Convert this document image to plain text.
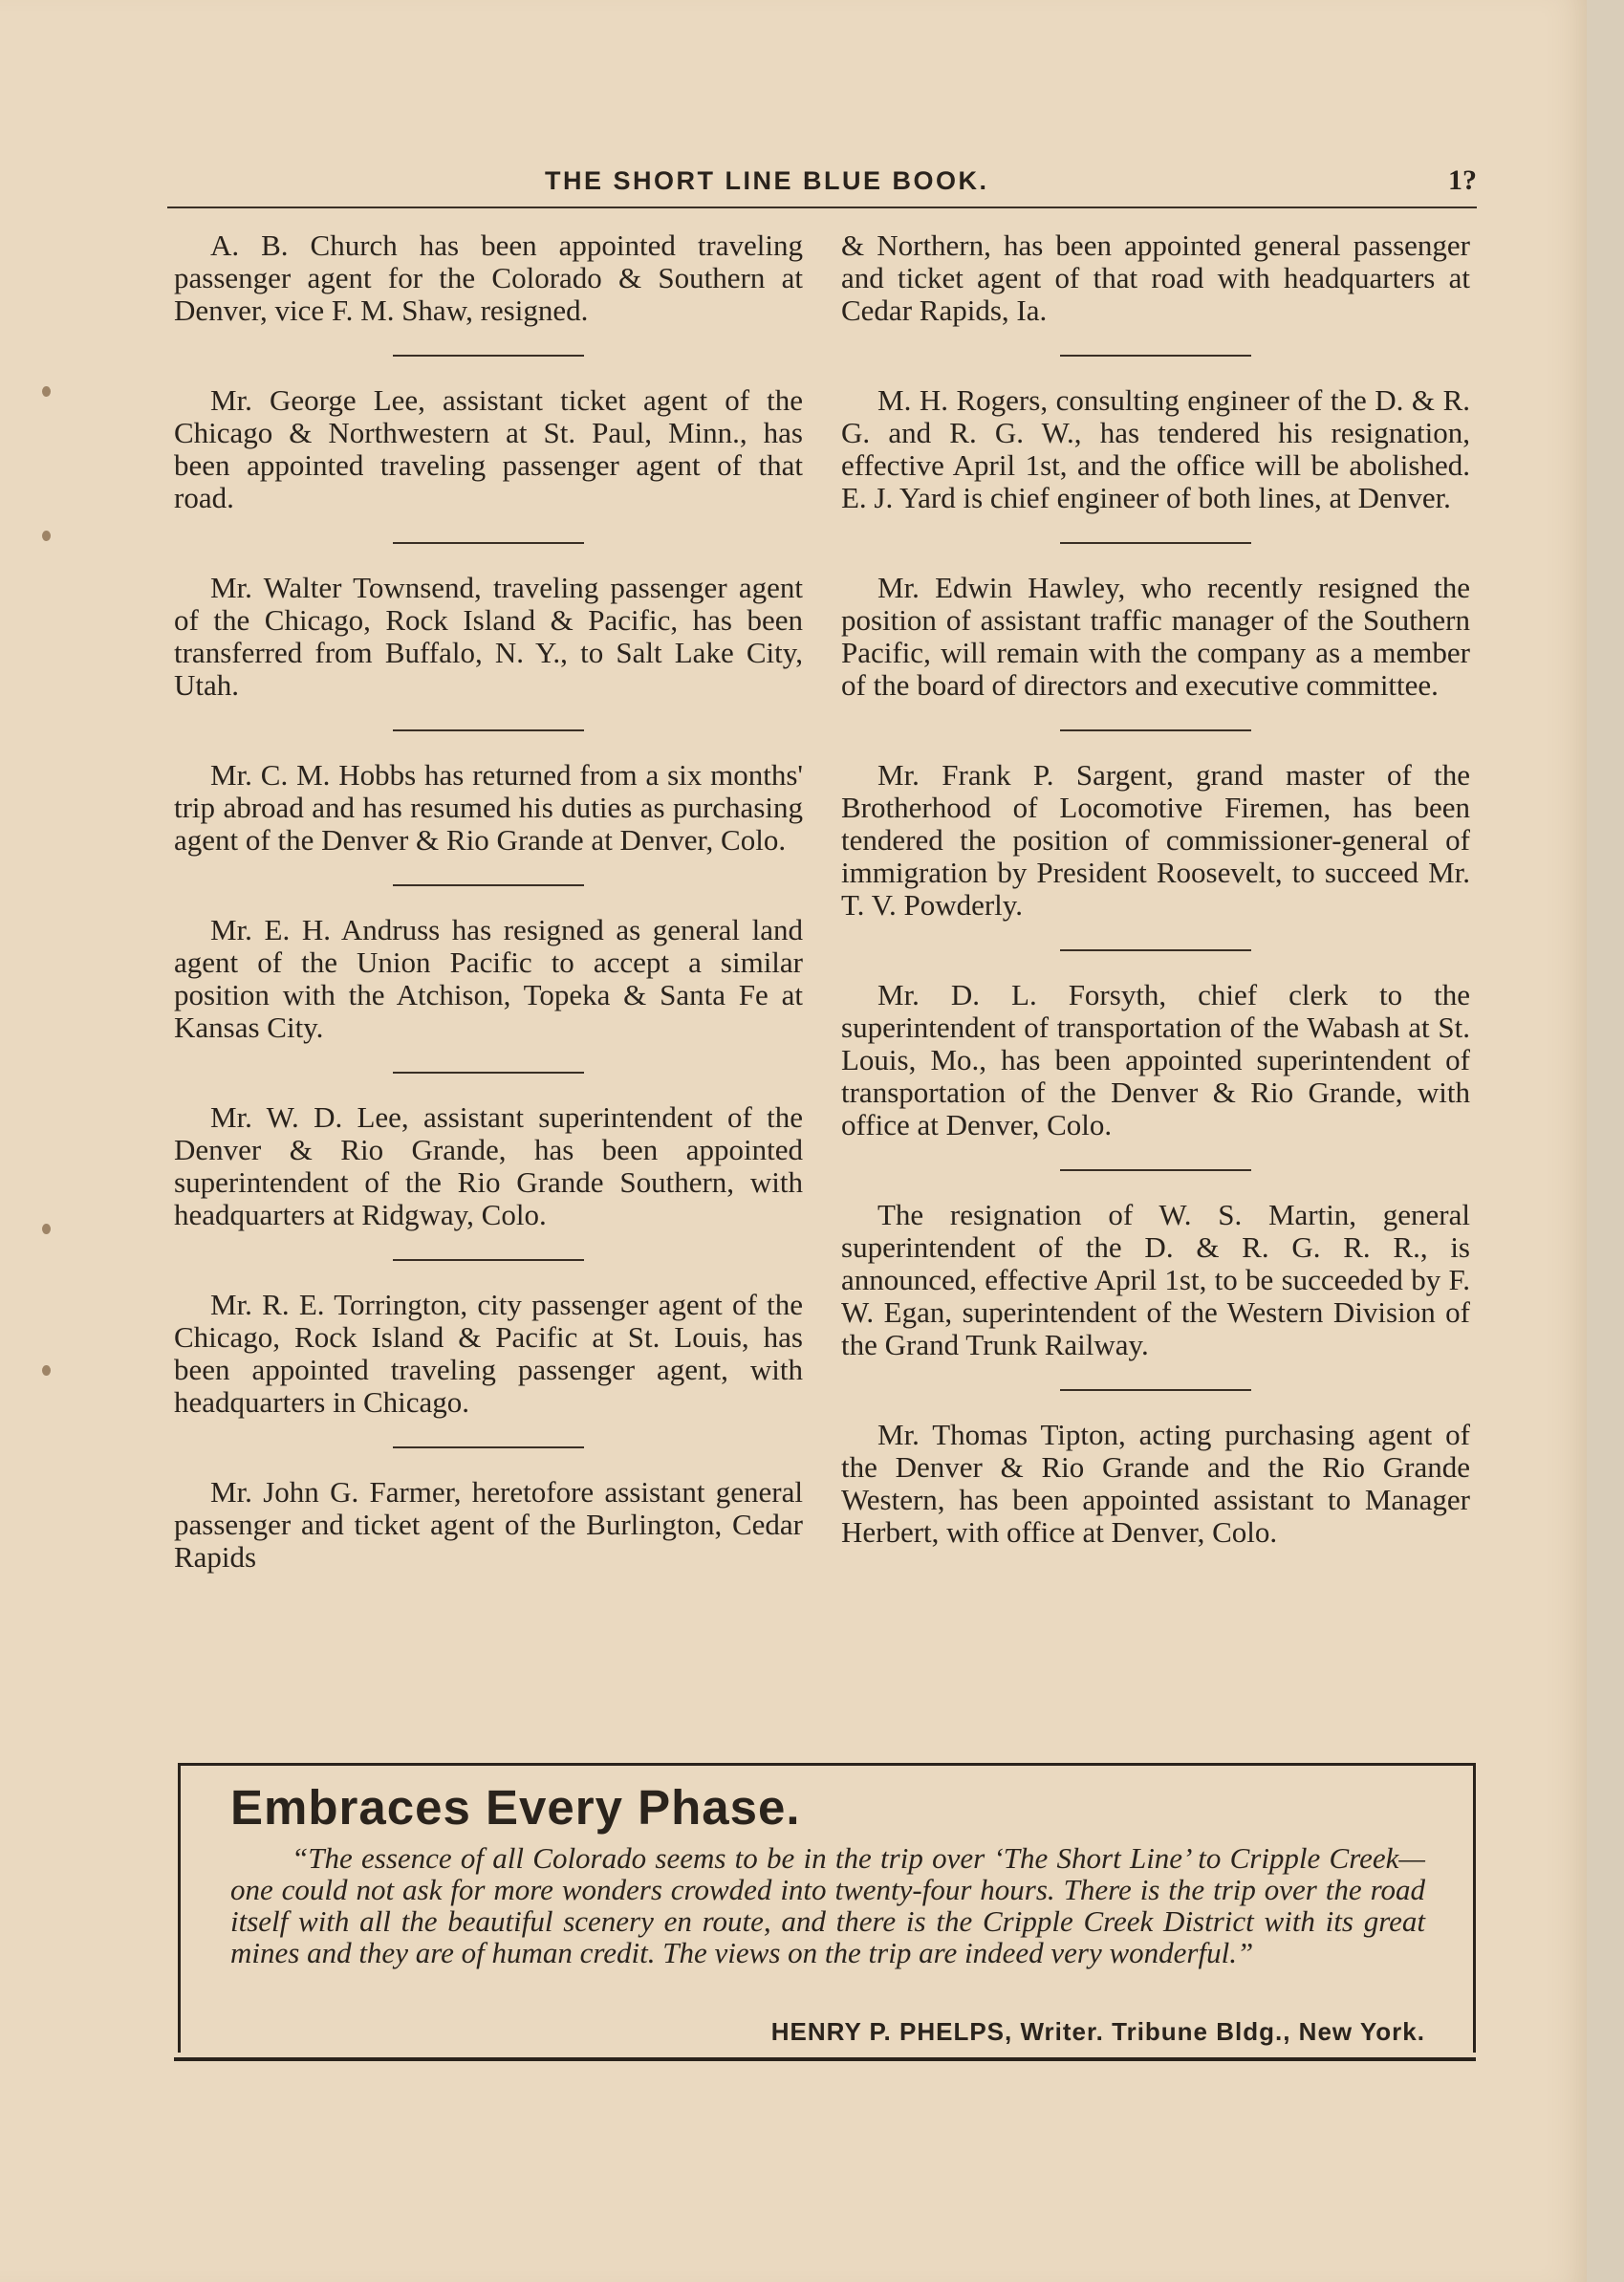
THE SHORT LINE BLUE BOOK.	1?

A. B. Church has been appointed traveling passenger agent for the Colorado & Southern at Denver, vice F. M. Shaw, resigned.

Mr. George Lee, assistant ticket agent of the Chicago & Northwestern at St. Paul, Minn., has been appointed traveling passenger agent of that road.

Mr. Walter Townsend, traveling passenger agent of the Chicago, Rock Island & Pacific, has been transferred from Buffalo, N. Y., to Salt Lake City, Utah.

Mr. C. M. Hobbs has returned from a six months' trip abroad and has resumed his duties as purchasing agent of the Denver & Rio Grande at Denver, Colo.

Mr. E. H. Andruss has resigned as general land agent of the Union Pacific to accept a similar position with the Atchison, Topeka & Santa Fe at Kansas City.

Mr. W. D. Lee, assistant superintendent of the Denver & Rio Grande, has been appointed superintendent of the Rio Grande Southern, with headquarters at Ridgway, Colo.

Mr. R. E. Torrington, city passenger agent of the Chicago, Rock Island & Pacific at St. Louis, has been appointed traveling passenger agent, with headquarters in Chicago.

Mr. John G. Farmer, heretofore assistant general passenger and ticket agent of the Burlington, Cedar Rapids

& Northern, has been appointed general passenger and ticket agent of that road with headquarters at Cedar Rapids, Ia.

M. H. Rogers, consulting engineer of the D. & R. G. and R. G. W., has tendered his resignation, effective April 1st, and the office will be abolished. E. J. Yard is chief engineer of both lines, at Denver.

Mr. Edwin Hawley, who recently resigned the position of assistant traffic manager of the Southern Pacific, will remain with the company as a member of the board of directors and executive committee.

Mr. Frank P. Sargent, grand master of the Brotherhood of Locomotive Firemen, has been tendered the position of commissioner-general of immigration by President Roosevelt, to succeed Mr. T. V. Powderly.

Mr. D. L. Forsyth, chief clerk to the superintendent of transportation of the Wabash at St. Louis, Mo., has been appointed superintendent of transportation of the Denver & Rio Grande, with office at Denver, Colo.

The resignation of W. S. Martin, general superintendent of the D. & R. G. R. R., is announced, effective April 1st, to be succeeded by F. W. Egan, superintendent of the Western Division of the Grand Trunk Railway.

Mr. Thomas Tipton, acting purchasing agent of the Denver & Rio Grande and the Rio Grande Western, has been appointed assistant to Manager Herbert, with office at Denver, Colo.

Embraces Every Phase.
“The essence of all Colorado seems to be in the trip over ‘The Short Line’ to Cripple Creek—one could not ask for more wonders crowded into twenty-four hours. There is the trip over the road itself with all the beautiful scenery en route, and there is the Cripple Creek District with its great mines and they are of human credit. The views on the trip are indeed very wonderful.”
HENRY P. PHELPS, Writer. Tribune Bldg., New York.
